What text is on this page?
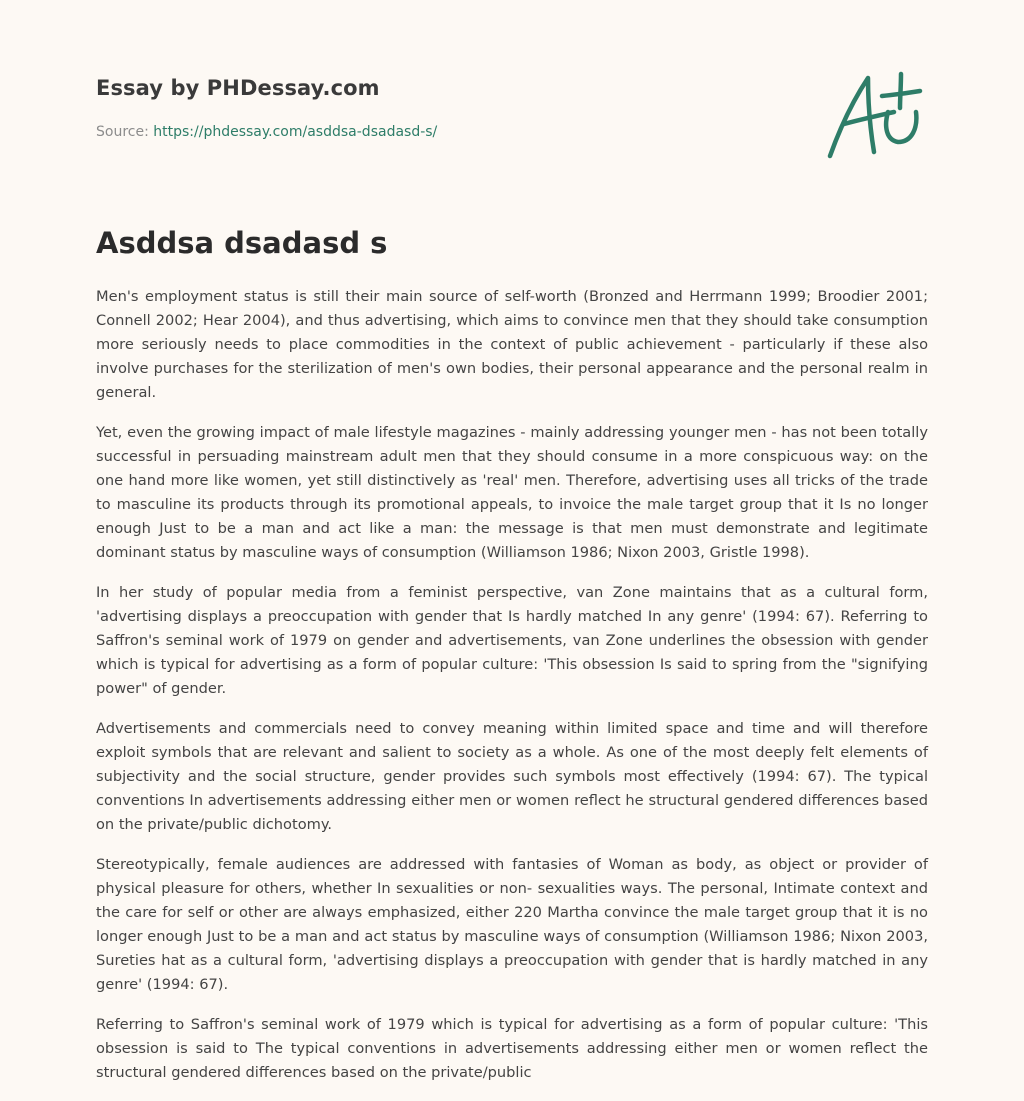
Essay by PHDessay.com
Source: https://phdessay.com/asddsa-dsadasd-s/
Asddsa dsadasd s

Men's employment status is still their main source of self-worth (Bronzed and Herrmann 1999; Broodier 2001; Connell 2002; Hear 2004), and thus advertising, which aims to convince men that they should take consumption more seriously needs to place commodities in the context of public achievement - particularly if these also involve purchases for the sterilization of men's own bodies, their personal appearance and the personal realm in general.

Yet, even the growing impact of male lifestyle magazines - mainly addressing younger men - has not been totally successful in persuading mainstream adult men that they should consume in a more conspicuous way: on the one hand more like women, yet still distinctively as 'real' men. Therefore, advertising uses all tricks of the trade to masculine its products through its promotional appeals, to invoice the male target group that it Is no longer enough Just to be a man and act like a man: the message is that men must demonstrate and legitimate dominant status by masculine ways of consumption (Williamson 1986; Nixon 2003, Gristle 1998).

In her study of popular media from a feminist perspective, van Zone maintains that as a cultural form, 'advertising displays a preoccupation with gender that Is hardly matched In any genre' (1994: 67). Referring to Saffron's seminal work of 1979 on gender and advertisements, van Zone underlines the obsession with gender which is typical for advertising as a form of popular culture: 'This obsession Is said to spring from the "signifying power" of gender.

Advertisements and commercials need to convey meaning within limited space and time and will therefore exploit symbols that are relevant and salient to society as a whole. As one of the most deeply felt elements of subjectivity and the social structure, gender provides such symbols most effectively (1994: 67). The typical conventions In advertisements addressing either men or women reflect he structural gendered differences based on the private/public dichotomy.

Stereotypically, female audiences are addressed with fantasies of Woman as body, as object or provider of physical pleasure for others, whether In sexualities or non- sexualities ways. The personal, Intimate context and the care for self or other are always emphasized, either 220 Martha convince the male target group that it is no longer enough Just to be a man and act status by masculine ways of consumption (Williamson 1986; Nixon 2003, Sureties hat as a cultural form, 'advertising displays a preoccupation with gender that is hardly matched in any genre' (1994: 67).

Referring to Saffron's seminal work of 1979 which is typical for advertising as a form of popular culture: 'This obsession is said to The typical conventions in advertisements addressing either men or women reflect the structural gendered differences based on the private/public
